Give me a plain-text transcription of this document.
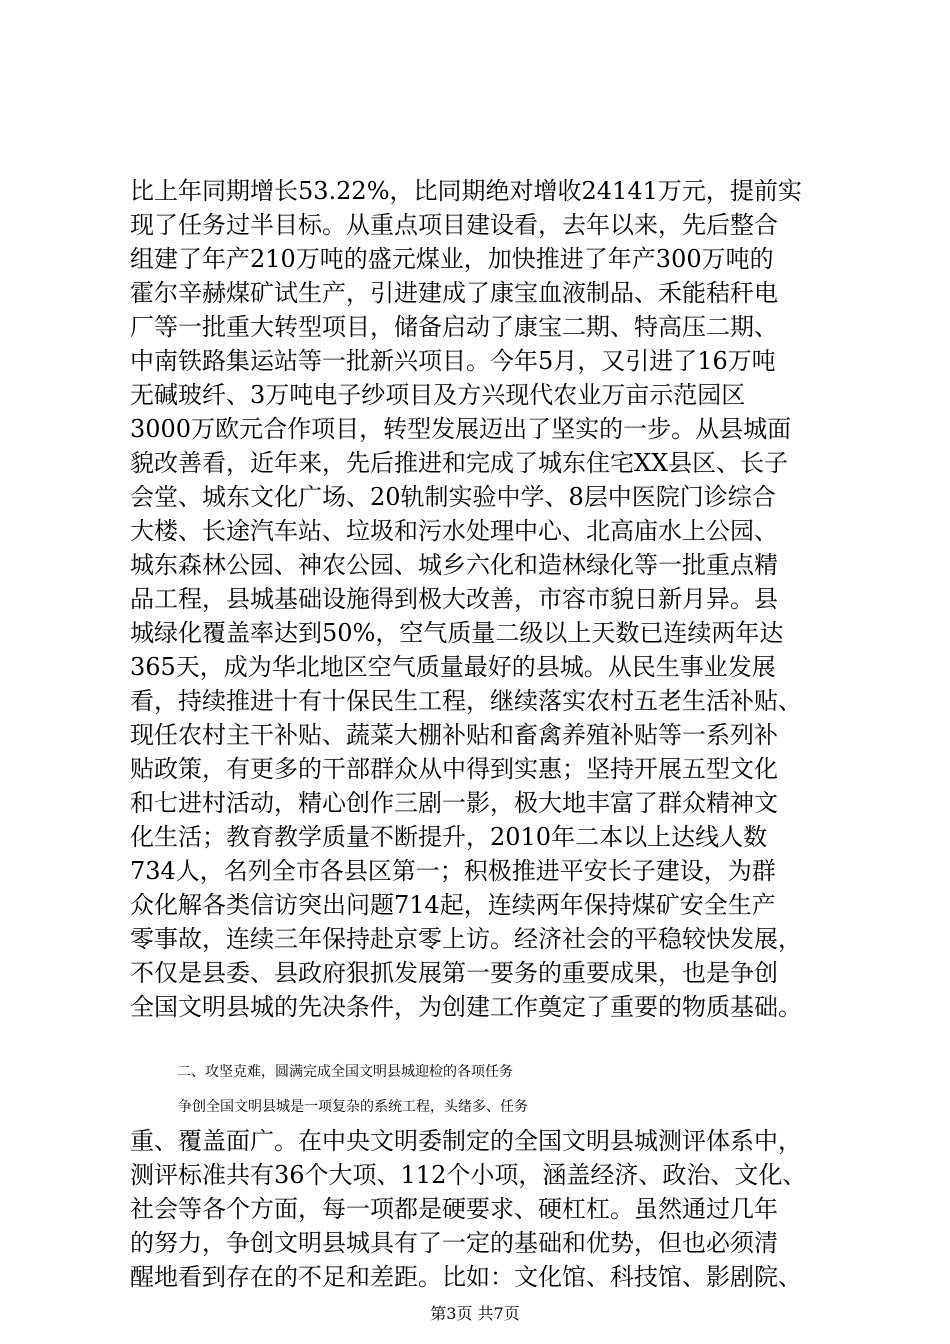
比上年同期增长53.22%，比同期绝对增收24141万元，提前实
现了任务过半目标。从重点项目建设看，去年以来，先后整合
组建了年产210万吨的盛元煤业，加快推进了年产300万吨的
霍尔辛赫煤矿试生产，引进建成了康宝血液制品、禾能秸秆电
厂等一批重大转型项目，储备启动了康宝二期、特高压二期、
中南铁路集运站等一批新兴项目。今年5月，又引进了16万吨
无碱玻纤、3万吨电子纱项目及方兴现代农业万亩示范园区
3000万欧元合作项目，转型发展迈出了坚实的一步。从县城面
貌改善看，近年来，先后推进和完成了城东住宅XX县区、长子
会堂、城东文化广场、20轨制实验中学、8层中医院门诊综合
大楼、长途汽车站、垃圾和污水处理中心、北高庙水上公园、
城东森林公园、神农公园、城乡六化和造林绿化等一批重点精
品工程，县城基础设施得到极大改善，市容市貌日新月异。县
城绿化覆盖率达到50%，空气质量二级以上天数已连续两年达
365天，成为华北地区空气质量最好的县城。从民生事业发展
看，持续推进十有十保民生工程，继续落实农村五老生活补贴、
现任农村主干补贴、蔬菜大棚补贴和畜禽养殖补贴等一系列补
贴政策，有更多的干部群众从中得到实惠；坚持开展五型文化
和七进村活动，精心创作三剧一影，极大地丰富了群众精神文
化生活；教育教学质量不断提升，2010年二本以上达线人数
734人，名列全市各县区第一；积极推进平安长子建设，为群
众化解各类信访突出问题714起，连续两年保持煤矿安全生产
零事故，连续三年保持赴京零上访。经济社会的平稳较快发展，
不仅是县委、县政府狠抓发展第一要务的重要成果，也是争创
全国文明县城的先决条件，为创建工作奠定了重要的物质基础。
二、攻坚克难，圆满完成全国文明县城迎检的各项任务
争创全国文明县城是一项复杂的系统工程，头绪多、任务
重、覆盖面广。在中央文明委制定的全国文明县城测评体系中，
测评标准共有36个大项、112个小项，涵盖经济、政治、文化、
社会等各个方面，每一项都是硬要求、硬杠杠。虽然通过几年
的努力，争创文明县城具有了一定的基础和优势，但也必须清
醒地看到存在的不足和差距。比如：文化馆、科技馆、影剧院、
第3页 共7页
